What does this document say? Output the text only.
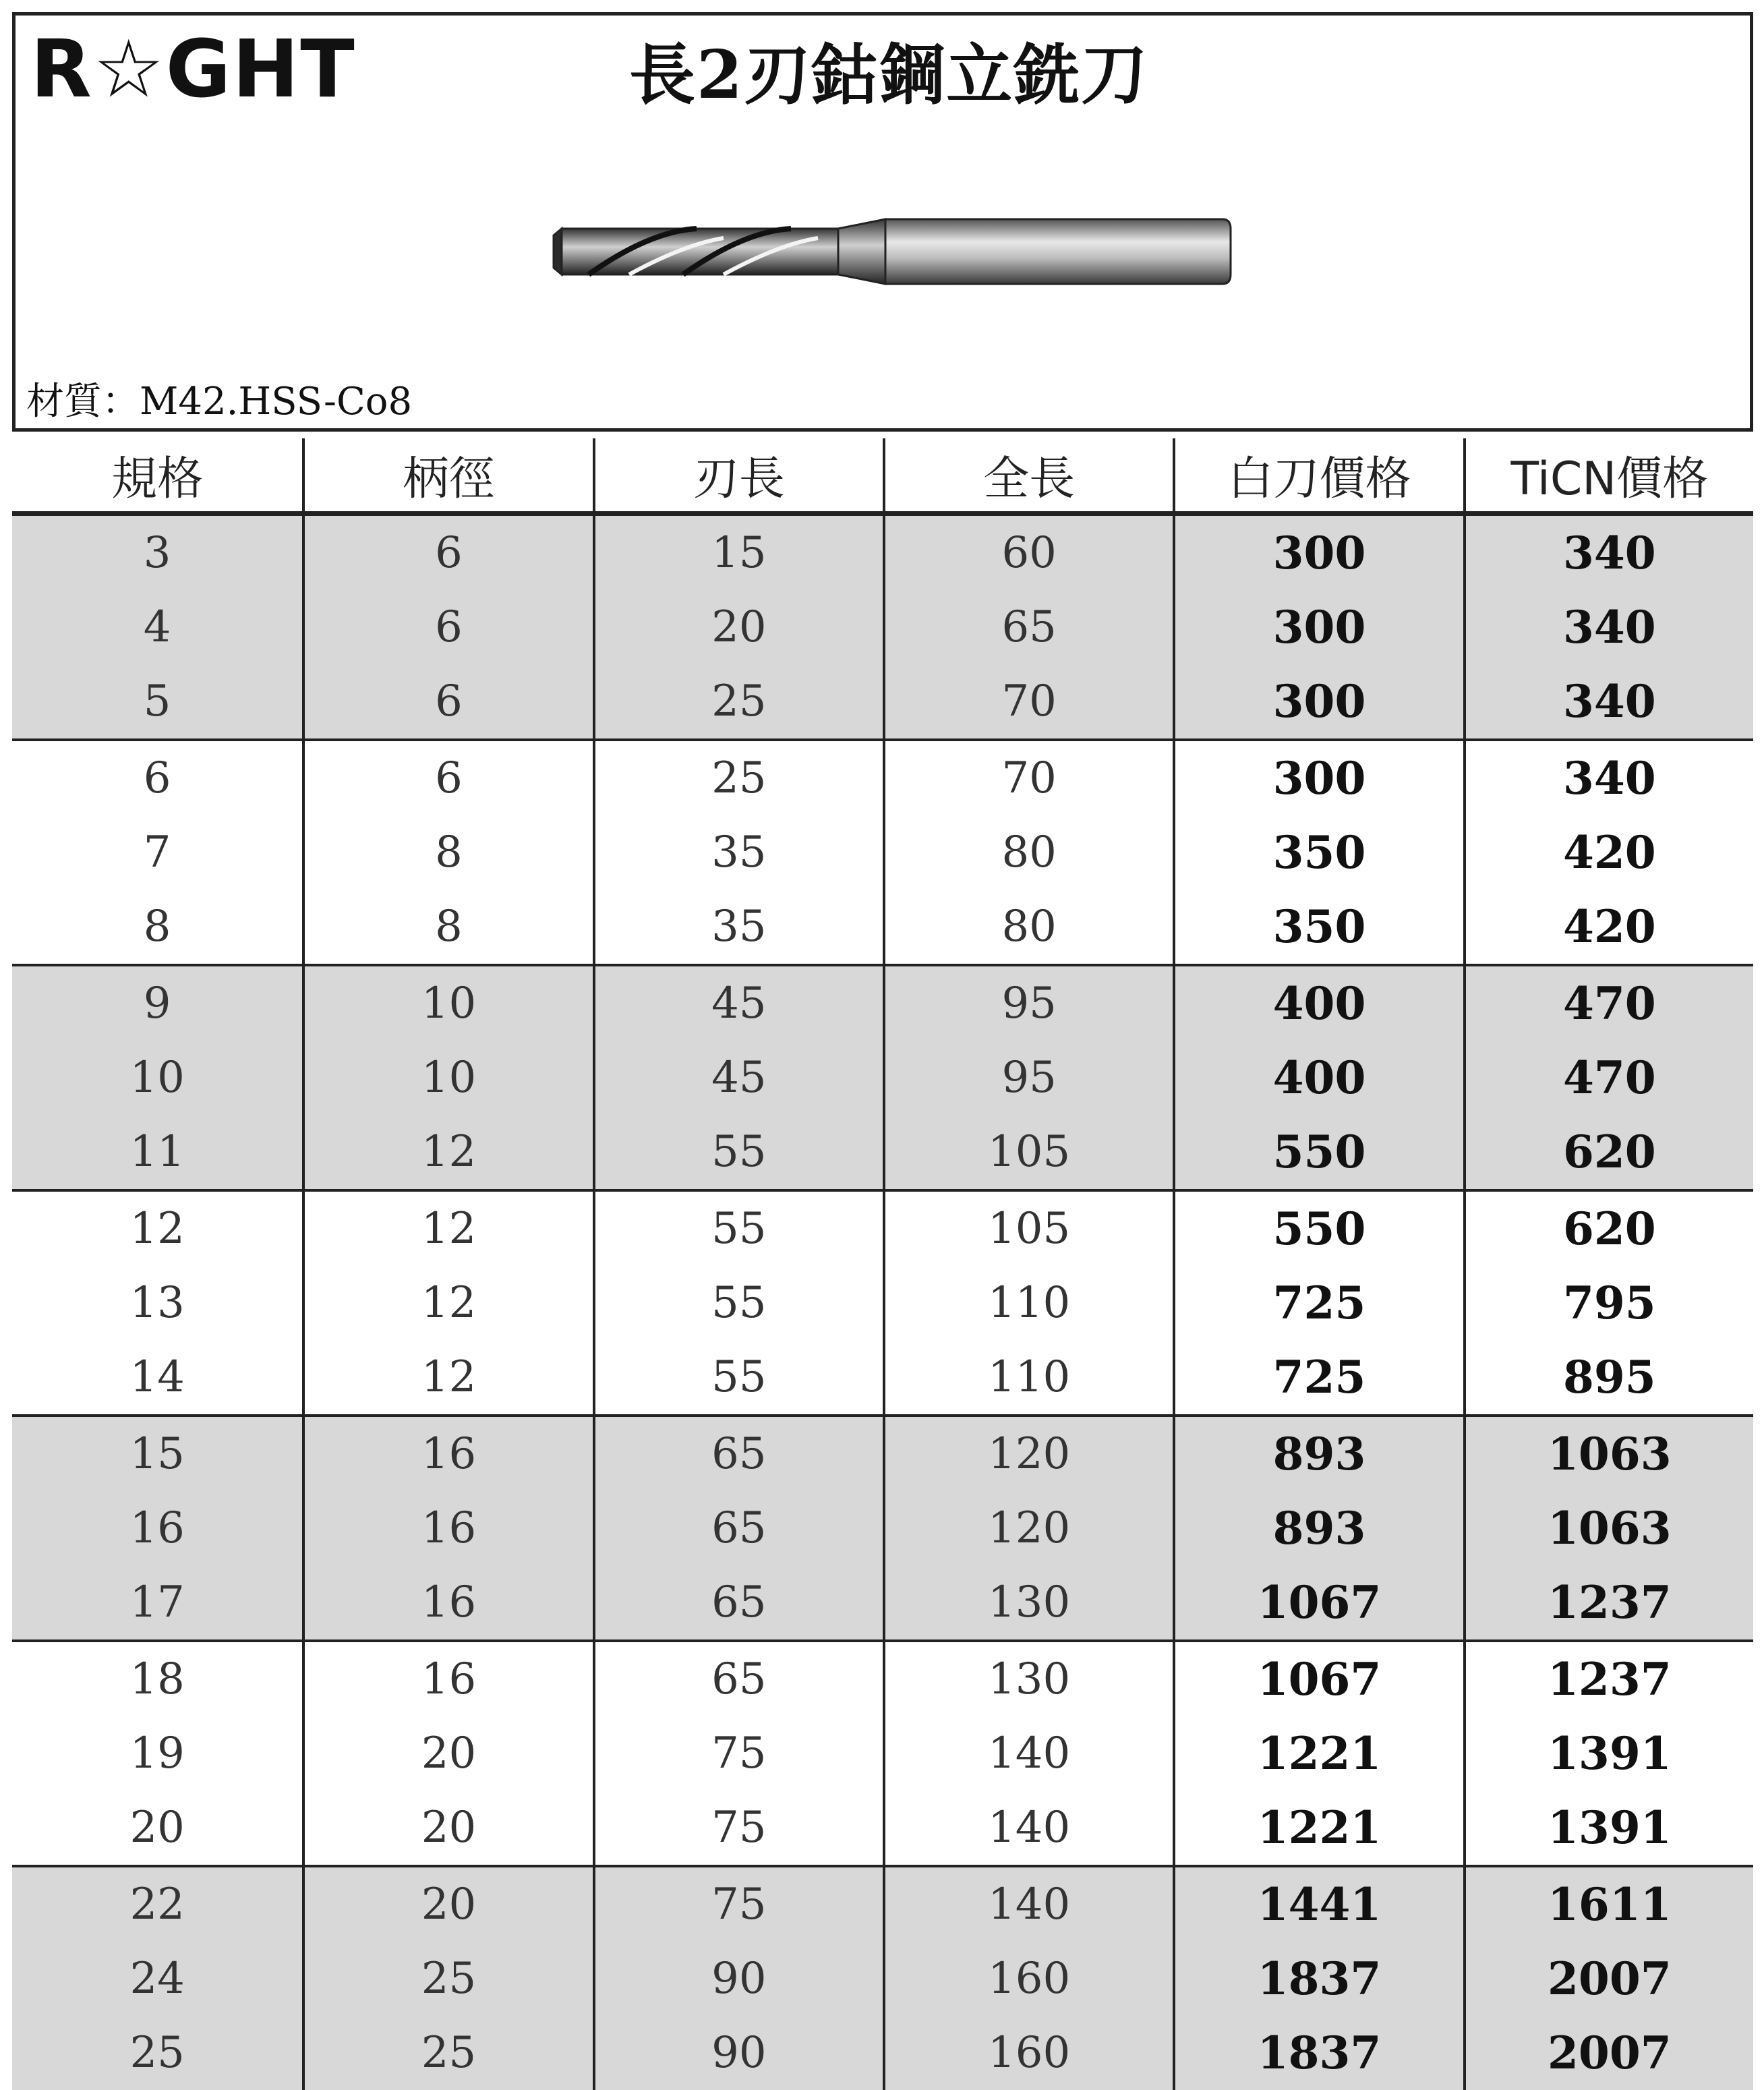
R☆GHT	長2刃鈷鋼立銑刀
材質：M42.HSS-Co8
規格	柄徑	刃長	全長	白刀價格	TiCN價格
3	6	15	60	300	340
4	6	20	65	300	340
5	6	25	70	300	340
6	6	25	70	300	340
7	8	35	80	350	420
8	8	35	80	350	420
9	10	45	95	400	470
10	10	45	95	400	470
11	12	55	105	550	620
12	12	55	105	550	620
13	12	55	110	725	795
14	12	55	110	725	895
15	16	65	120	893	1063
16	16	65	120	893	1063
17	16	65	130	1067	1237
18	16	65	130	1067	1237
19	20	75	140	1221	1391
20	20	75	140	1221	1391
22	20	75	140	1441	1611
24	25	90	160	1837	2007
25	25	90	160	1837	2007
